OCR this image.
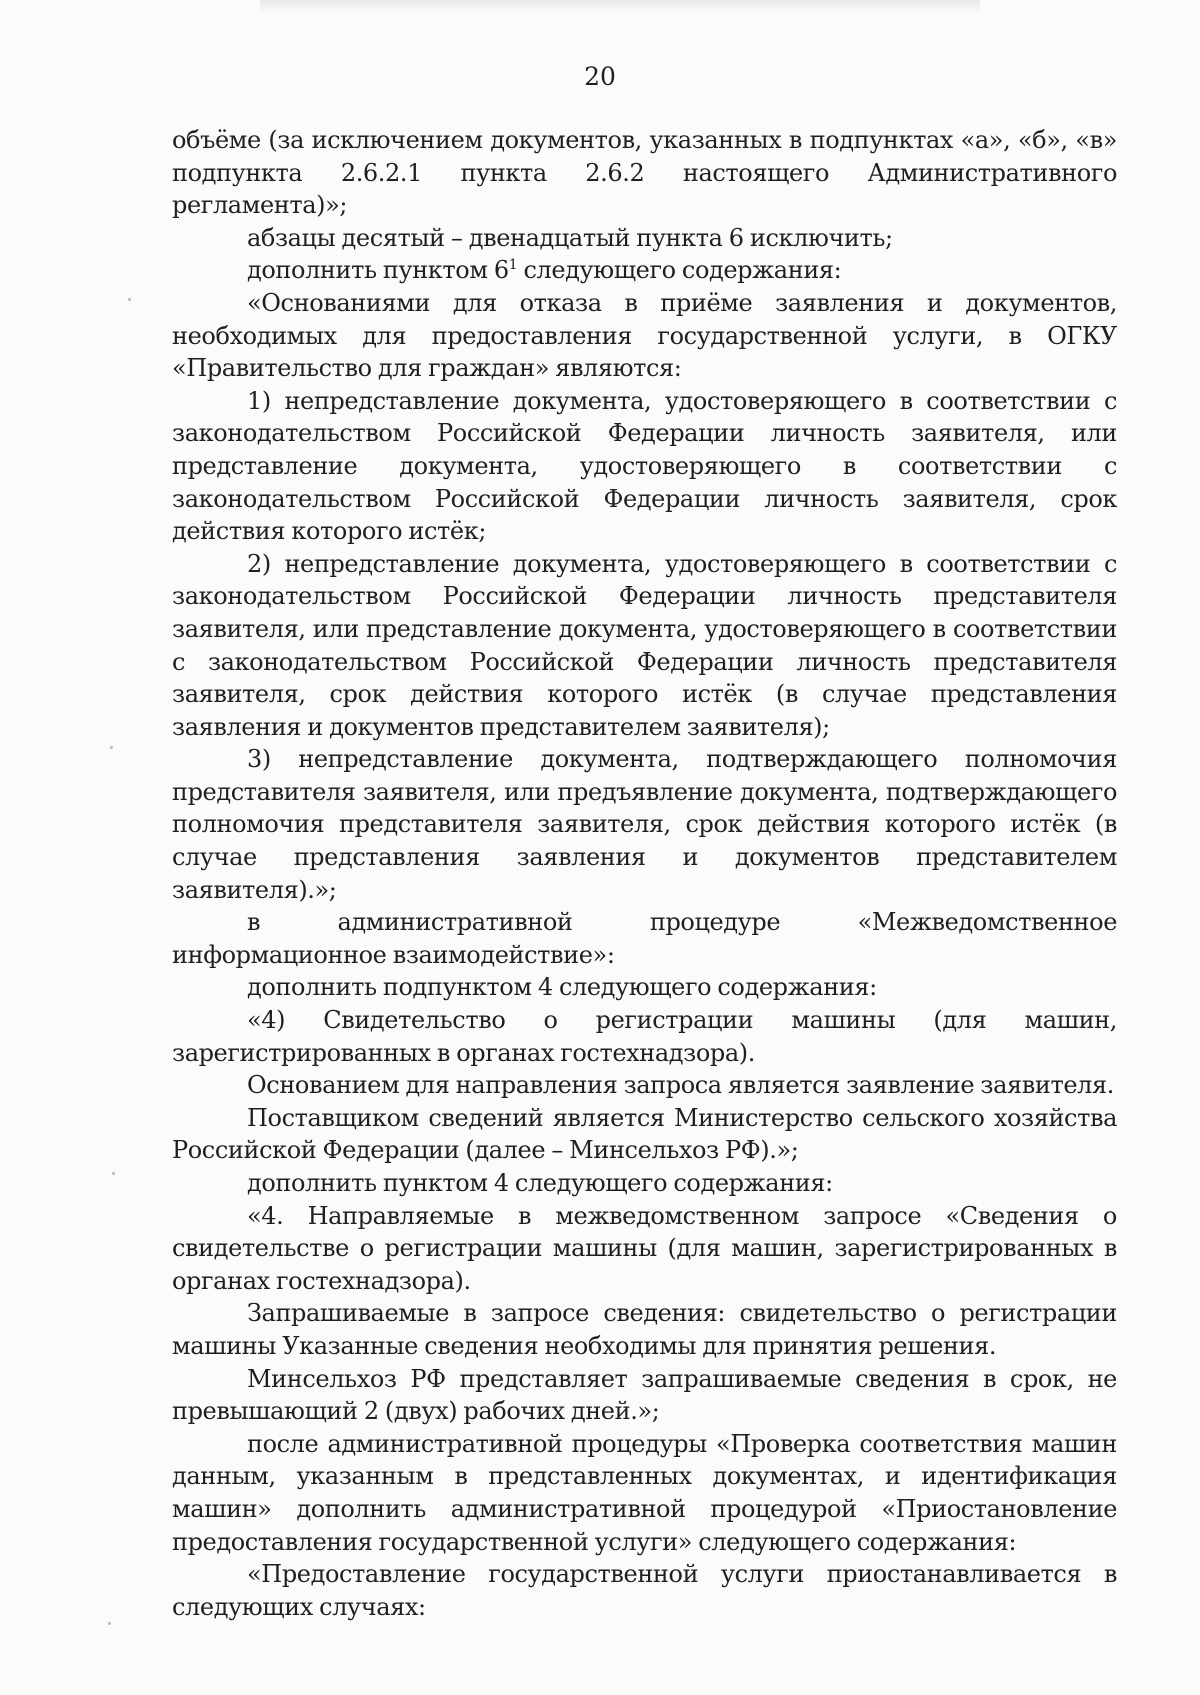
20

объёме (за исключением документов, указанных в подпунктах «а», «б», «в» подпункта 2.6.2.1 пункта 2.6.2 настоящего Административного регламента)»;

абзацы десятый – двенадцатый пункта 6 исключить;

дополнить пунктом $6^1$ следующего содержания:

«Основаниями для отказа в приёме заявления и документов, необходимых для предоставления государственной услуги, в ОГКУ «Правительство для граждан» являются:

1) непредставление документа, удостоверяющего в соответствии с законодательством Российской Федерации личность заявителя, или представление документа, удостоверяющего в соответствии с законодательством Российской Федерации личность заявителя, срок действия которого истёк;

2) непредставление документа, удостоверяющего в соответствии с законодательством Российской Федерации личность представителя заявителя, или представление документа, удостоверяющего в соответствии с законодательством Российской Федерации личность представителя заявителя, срок действия которого истёк (в случае представления заявления и документов представителем заявителя);

3) непредставление документа, подтверждающего полномочия представителя заявителя, или предъявление документа, подтверждающего полномочия представителя заявителя, срок действия которого истёк (в случае представления заявления и документов представителем заявителя).»;

в административной процедуре «Межведомственное информационное взаимодействие»:

дополнить подпунктом 4 следующего содержания:

«4) Свидетельство о регистрации машины (для машин, зарегистрированных в органах гостехнадзора).

Основанием для направления запроса является заявление заявителя.

Поставщиком сведений является Министерство сельского хозяйства Российской Федерации (далее – Минсельхоз РФ).»;

дополнить пунктом 4 следующего содержания:

«4. Направляемые в межведомственном запросе «Сведения о свидетельстве о регистрации машины (для машин, зарегистрированных в органах гостехнадзора).

Запрашиваемые в запросе сведения: свидетельство о регистрации машины Указанные сведения необходимы для принятия решения.

Минсельхоз РФ представляет запрашиваемые сведения в срок, не превышающий 2 (двух) рабочих дней.»;

после административной процедуры «Проверка соответствия машин данным, указанным в представленных документах, и идентификация машин» дополнить административной процедурой «Приостановление предоставления государственной услуги» следующего содержания:

«Предоставление государственной услуги приостанавливается в следующих случаях:
